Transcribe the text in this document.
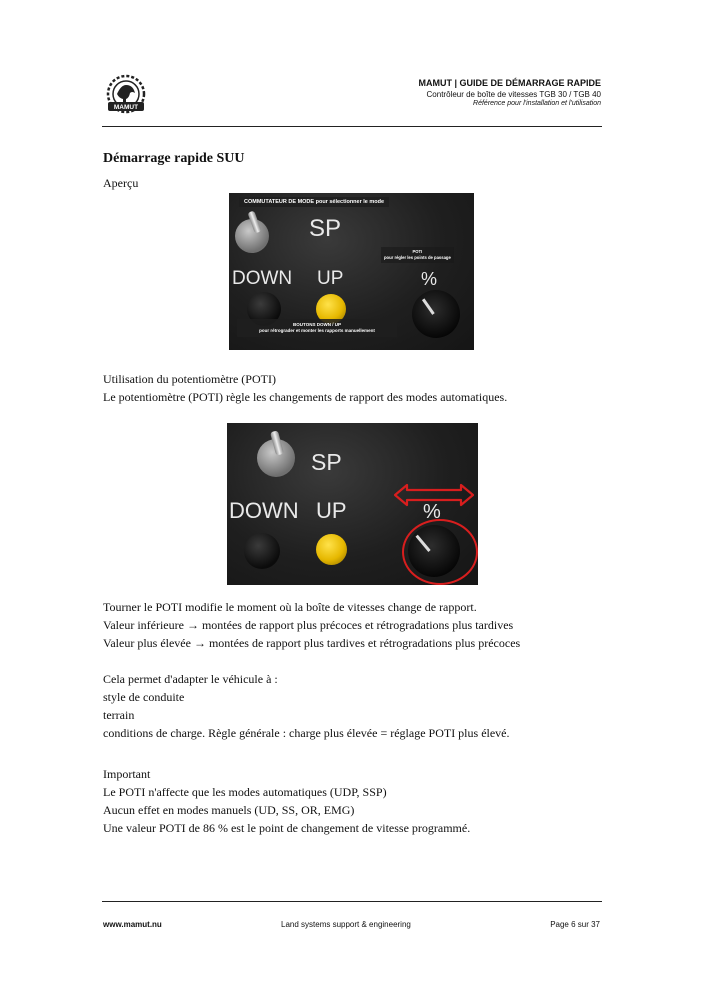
MAMUT
MAMUT | GUIDE DE DÉMARRAGE RAPIDE
Contrôleur de boîte de vitesses TGB 30 / TGB 40
Référence pour l'installation et l'utilisation
Démarrage rapide SUU
Aperçu
COMMUTATEUR DE MODE pour sélectionner le mode
SP
POTI
pour régler les points de passage
DOWN UP	%
BOUTONS DOWN / UP
pour rétrograder et monter les rapports manuellement
Utilisation du potentiomètre (POTI)
Le potentiomètre (POTI) règle les changements de rapport des modes automatiques.
SP
DOWN UP	%
Tourner le POTI modifie le moment où la boîte de vitesses change de rapport.
Valeur inférieure → montées de rapport plus précoces et rétrogradations plus tardives
Valeur plus élevée → montées de rapport plus tardives et rétrogradations plus précoces
Cela permet d'adapter le véhicule à :
style de conduite
terrain
conditions de charge. Règle générale : charge plus élevée = réglage POTI plus élevé.
Important
Le POTI n'affecte que les modes automatiques (UDP, SSP)
Aucun effet en modes manuels (UD, SS, OR, EMG)
Une valeur POTI de 86 % est le point de changement de vitesse programmé.
www.mamut.nu	Land systems support & engineering	Page 6 sur 37
